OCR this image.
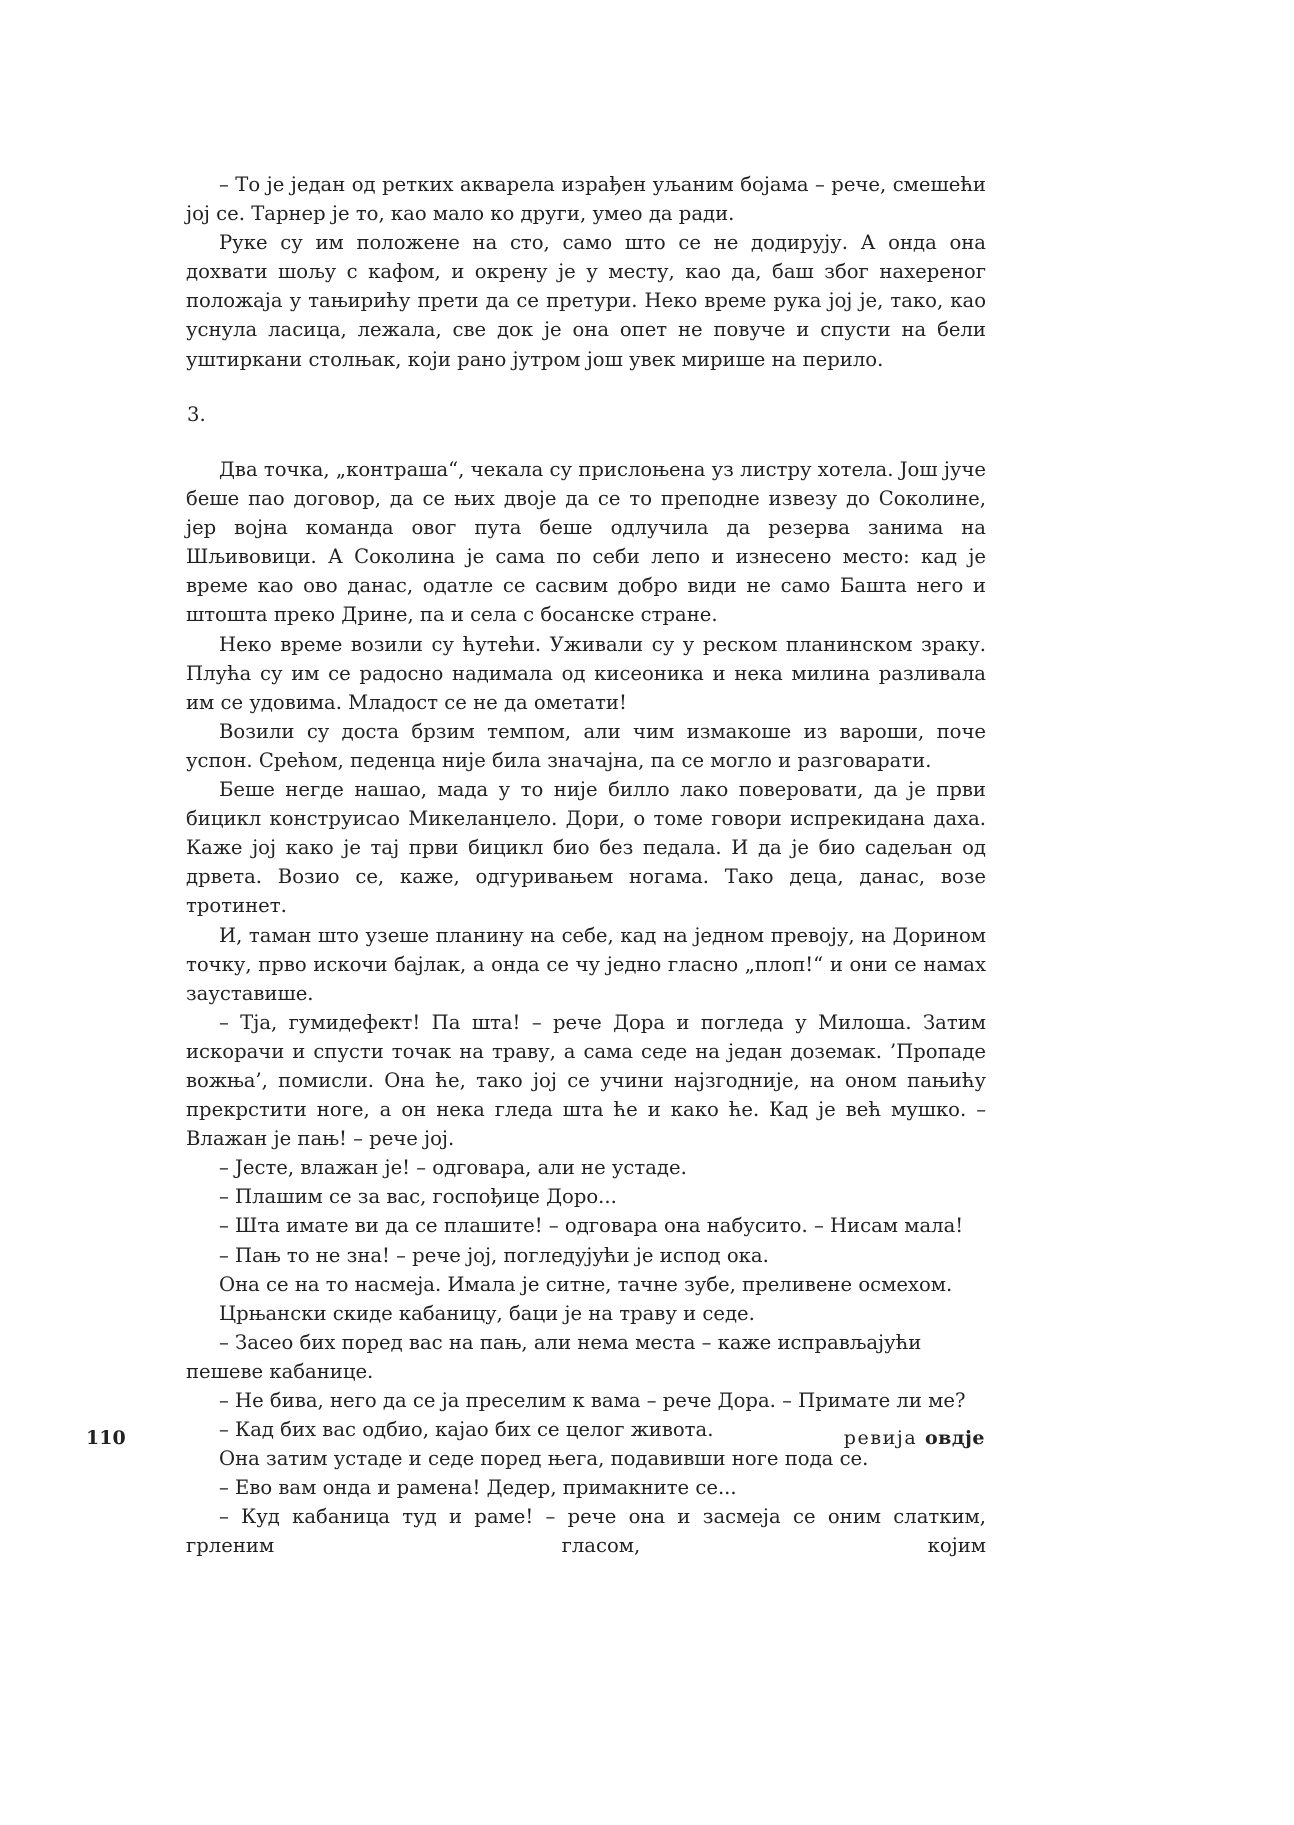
– То је један од ретких акварела израђен уљаним бојама – рече, смешећи јој се. Тарнер је то, као мало ко други, умео да ради.

Руке су им положене на сто, само што се не додирују. А онда она дохвати шољу с кафом, и окрену је у месту, као да, баш због нахереног положаја у тањирићу прети да се претури. Неко време рука јој је, тако, као уснула ласица, лежала, све док је она опет не повуче и спусти на бели уштиркани столњак, који рано јутром још увек мирише на перило.

3.

Два точка, „контраша“, чекала су прислоњена уз листру хотела. Још јуче беше пао договор, да се њих двоје да се то преподне извезу до Соколине, јер војна команда овог пута беше одлучила да резерва занима на Шљивовици. А Соколина је сама по себи лепо и изнесено место: кад је време као ово данас, одатле се сасвим добро види не само Башта него и штошта преко Дрине, па и села с босанске стране.

Неко време возили су ћутећи. Уживали су у реском планинском зраку. Плућа су им се радосно надимала од кисеоника и нека милина разливала им се удовима. Младост се не да ометати!

Возили су доста брзим темпом, али чим измакоше из вароши, поче успон. Срећом, педенца није била значајна, па се могло и разговарати.

Беше негде нашао, мада у то није билло лако поверовати, да је први бицикл конструисао Микеланџело. Дори, о томе говори испрекидана даха. Каже јој како је тај први бицикл био без педала. И да је био садељан од дрвета. Возио се, каже, одгуривањем ногама. Тако деца, данас, возе тротинет.

И, таман што узеше планину на себе, кад на једном превоју, на Дорином точку, прво искочи бајлак, а онда се чу једно гласно „плоп!“ и они се намах зауставише.

– Тја, гумидефект! Па шта! – рече Дора и погледа у Милоша. Затим искорачи и спусти точак на траву, а сама седе на један доземак. ’Пропаде вожња’, помисли. Она ће, тако јој се учини најзгодније, на оном пањићу прекрстити ноге, а он нека гледа шта ће и како ће. Кад је већ мушко. – Влажан је пањ! – рече јој.

– Јесте, влажан је! – одговара, али не устаде.

– Плашим се за вас, госпођице Доро...

– Шта имате ви да се плашите! – одговара она набусито. – Нисам мала!

– Пањ то не зна! – рече јој, погледујући је испод ока.

Она се на то насмеја. Имала је ситне, тачне зубе, преливене осмехом.

Црњански скиде кабаницу, баци је на траву и седе.

– Засео бих поред вас на пањ, али нема места – каже исправљајући пешеве кабанице.

– Не бива, него да се ја преселим к вама – рече Дора. – Примате ли ме?

– Кад бих вас одбио, кајао бих се целог живота.

Она затим устаде и седе поред њега, подавивши ноге пода се.

– Ево вам онда и рамена! Дедер, примакните се...

– Куд кабаница туд и раме! – рече она и засмеја се оним слатким, грленим гласом, којим

110	ревија овдје
